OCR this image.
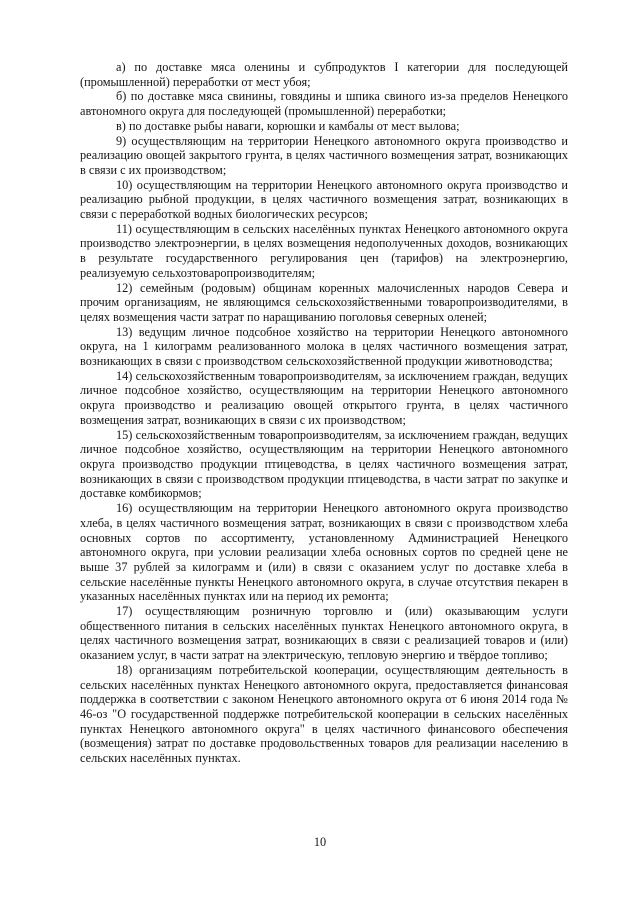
а) по доставке мяса оленины и субпродуктов I категории для последующей (промышленной) переработки от мест убоя;

б) по доставке мяса свинины, говядины и шпика свиного из-за пределов Ненецкого автономного округа для последующей (промышленной) переработки;

в) по доставке рыбы наваги, корюшки и камбалы от мест вылова;

9) осуществляющим на территории Ненецкого автономного округа производство и реализацию овощей закрытого грунта, в целях частичного возмещения затрат, возникающих в связи с их производством;

10) осуществляющим на территории Ненецкого автономного округа производство и реализацию рыбной продукции, в целях частичного возмещения затрат, возникающих в связи с переработкой водных биологических ресурсов;

11) осуществляющим в сельских населённых пунктах Ненецкого автономного округа производство электроэнергии, в целях возмещения недополученных доходов, возникающих в результате государственного регулирования цен (тарифов) на электроэнергию, реализуемую сельхозтоваропроизводителям;

12) семейным (родовым) общинам коренных малочисленных народов Севера и прочим организациям, не являющимся сельскохозяйственными товаропроизводителями, в целях возмещения части затрат по наращиванию поголовья северных оленей;

13) ведущим личное подсобное хозяйство на территории Ненецкого автономного округа, на 1 килограмм реализованного молока в целях частичного возмещения затрат, возникающих в связи с производством сельскохозяйственной продукции животноводства;

14) сельскохозяйственным товаропроизводителям, за исключением граждан, ведущих личное подсобное хозяйство, осуществляющим на территории Ненецкого автономного округа производство и реализацию овощей открытого грунта, в целях частичного возмещения затрат, возникающих в связи с их производством;

15) сельскохозяйственным товаропроизводителям, за исключением граждан, ведущих личное подсобное хозяйство, осуществляющим на территории Ненецкого автономного округа производство продукции птицеводства, в целях частичного возмещения затрат, возникающих в связи с производством продукции птицеводства, в части затрат по закупке и доставке комбикормов;

16) осуществляющим на территории Ненецкого автономного округа производство хлеба, в целях частичного возмещения затрат, возникающих в связи с производством хлеба основных сортов по ассортименту, установленному Администрацией Ненецкого автономного округа, при условии реализации хлеба основных сортов по средней цене не выше 37 рублей за килограмм и (или) в связи с оказанием услуг по доставке хлеба в сельские населённые пункты Ненецкого автономного округа, в случае отсутствия пекарен в указанных населённых пунктах или на период их ремонта;

17) осуществляющим розничную торговлю и (или) оказывающим услуги общественного питания в сельских населённых пунктах Ненецкого автономного округа, в целях частичного возмещения затрат, возникающих в связи с реализацией товаров и (или) оказанием услуг, в части затрат на электрическую, тепловую энергию и твёрдое топливо;

18) организациям потребительской кооперации, осуществляющим деятельность в сельских населённых пунктах Ненецкого автономного округа, предоставляется финансовая поддержка в соответствии с законом Ненецкого автономного округа от 6 июня 2014 года № 46-оз "О государственной поддержке потребительской кооперации в сельских населённых пунктах Ненецкого автономного округа" в целях частичного финансового обеспечения (возмещения) затрат по доставке продовольственных товаров для реализации населению в сельских населённых пунктах.

10
